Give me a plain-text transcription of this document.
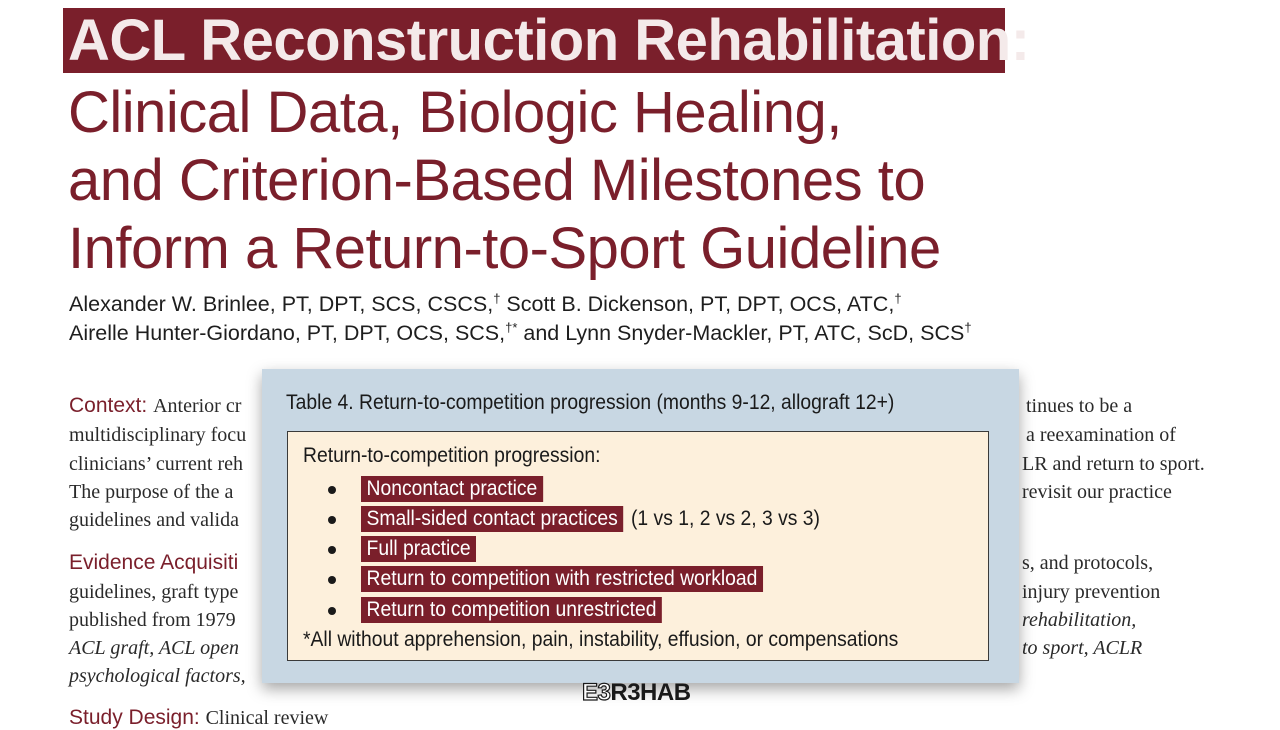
ACL Reconstruction Rehabilitation:
Clinical Data, Biologic Healing,
and Criterion-Based Milestones to
Inform a Return-to-Sport Guideline

Alexander W. Brinlee, PT, DPT, SCS, CSCS,† Scott B. Dickenson, PT, DPT, OCS, ATC,†

Airelle Hunter-Giordano, PT, DPT, OCS, SCS,†* and Lynn Snyder-Mackler, PT, ATC, ScD, SCS†

Context: Anterior cr

multidisciplinary focu

clinicians’ current reh

The purpose of the a

guidelines and valida

tinues to be a

a reexamination of

LR and return to sport.

revisit our practice

Evidence Acquisiti

guidelines, graft type

published from 1979

ACL graft, ACL open

psychological factors,

s, and protocols,

injury prevention

rehabilitation,

to sport, ACLR

Study Design: Clinical review

Table 4. Return-to-competition progression (months 9-12, allograft 12+)

Return-to-competition progression:

Noncontact practice
Small-sided contact practices (1 vs 1, 2 vs 2, 3 vs 3)
Full practice
Return to competition with restricted workload
Return to competition unrestricted

*All without apprehension, pain, instability, effusion, or compensations

E3R3HAB
